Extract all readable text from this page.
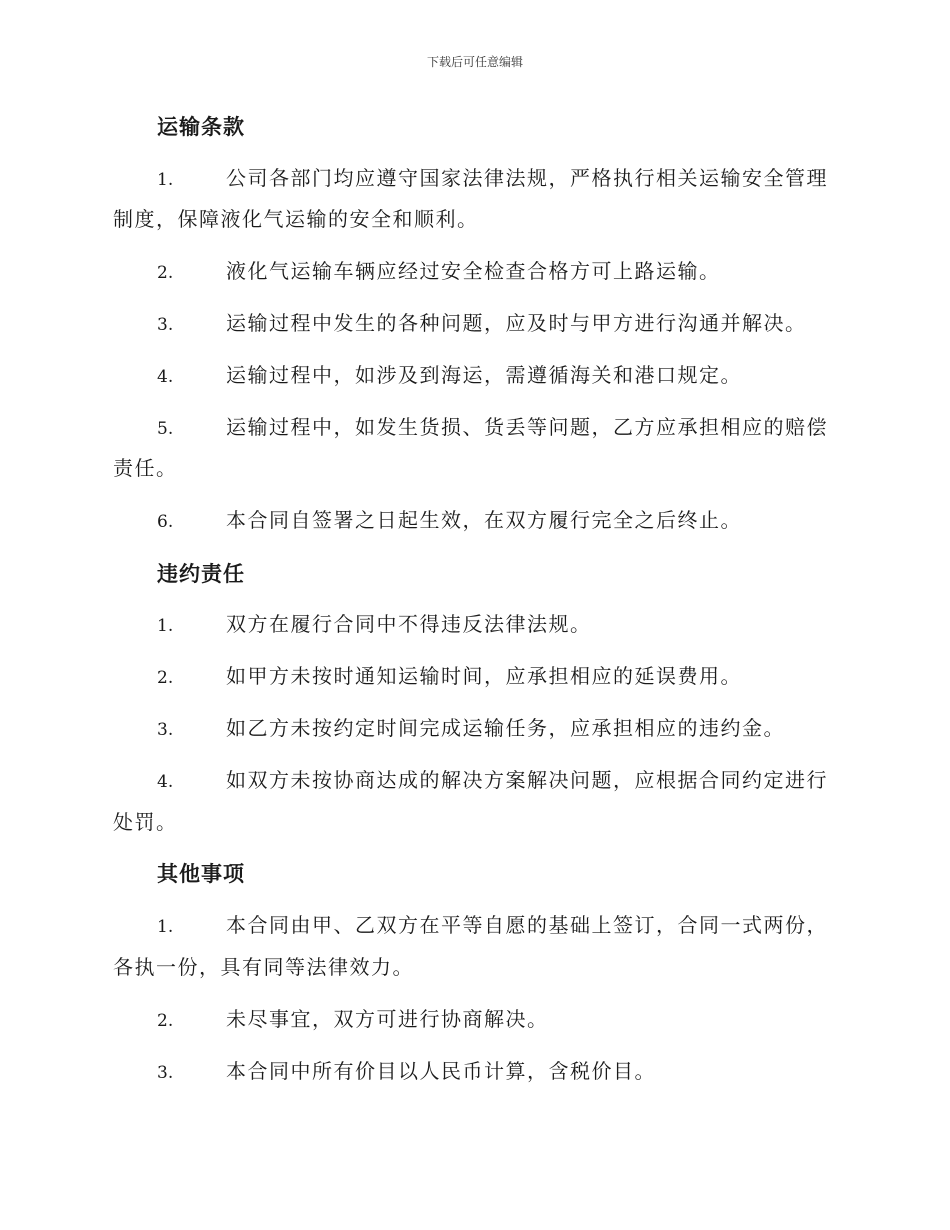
下载后可任意编辑
运输条款
1.	公司各部门均应遵守国家法律法规，严格执行相关运输安全管理
制度，保障液化气运输的安全和顺利。
2.	液化气运输车辆应经过安全检查合格方可上路运输。
3.	运输过程中发生的各种问题，应及时与甲方进行沟通并解决。
4.	运输过程中，如涉及到海运，需遵循海关和港口规定。
5.	运输过程中，如发生货损、货丢等问题，乙方应承担相应的赔偿
责任。
6.	本合同自签署之日起生效，在双方履行完全之后终止。
违约责任
1.	双方在履行合同中不得违反法律法规。
2.	如甲方未按时通知运输时间，应承担相应的延误费用。
3.	如乙方未按约定时间完成运输任务，应承担相应的违约金。
4.	如双方未按协商达成的解决方案解决问题，应根据合同约定进行
处罚。
其他事项
1.	本合同由甲、乙双方在平等自愿的基础上签订，合同一式两份，
各执一份，具有同等法律效力。
2.	未尽事宜，双方可进行协商解决。
3.	本合同中所有价目以人民币计算，含税价目。
